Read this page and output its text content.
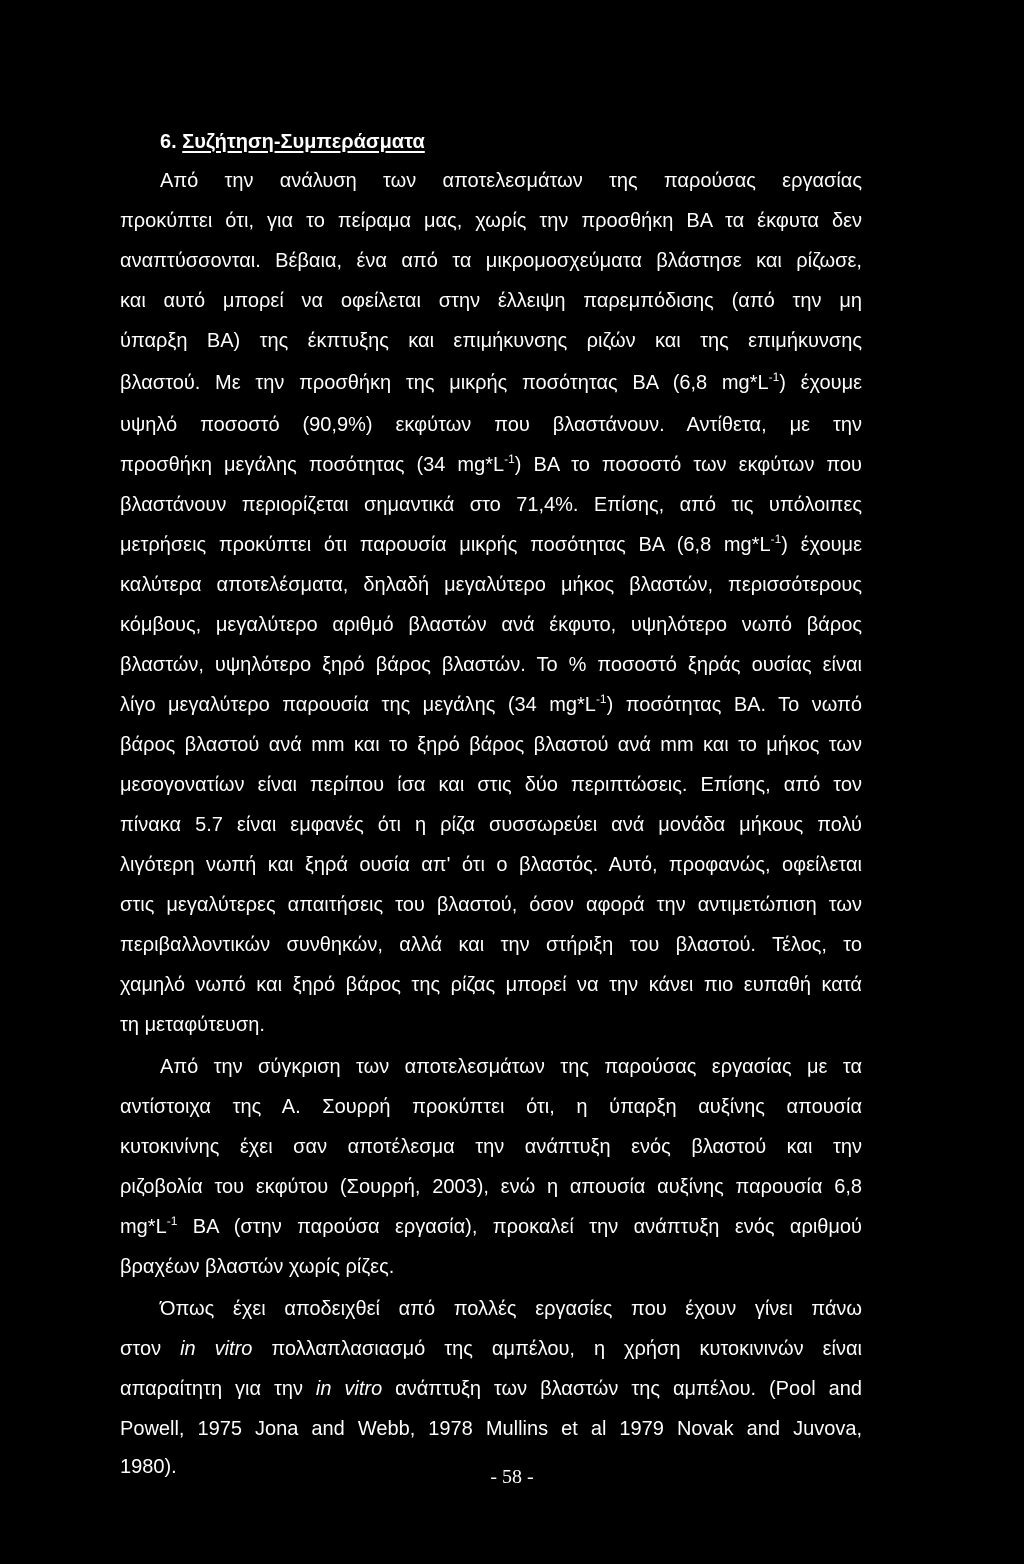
6. Συζήτηση-Συμπεράσματα
Από την ανάλυση των αποτελεσμάτων της παρούσας εργασίας
προκύπτει ότι, για το πείραμα μας, χωρίς την προσθήκη ΒΑ τα έκφυτα δεν
αναπτύσσονται. Βέβαια, ένα από τα μικρομοσχεύματα βλάστησε και ρίζωσε,
και αυτό μπορεί να οφείλεται στην έλλειψη παρεμπόδισης (από την μη
ύπαρξη ΒΑ) της έκπτυξης και επιμήκυνσης ριζών και της επιμήκυνσης
βλαστού. Με την προσθήκη της μικρής ποσότητας ΒΑ (6,8 $mg*L^{-1}$) έχουμε
υψηλό ποσοστό (90,9%) εκφύτων που βλαστάνουν. Αντίθετα, με την
προσθήκη μεγάλης ποσότητας (34 $mg*L^{-1}$) ΒΑ το ποσοστό των εκφύτων που
βλαστάνουν περιορίζεται σημαντικά στο 71,4%. Επίσης, από τις υπόλοιπες
μετρήσεις προκύπτει ότι παρουσία μικρής ποσότητας ΒΑ (6,8 $mg*L^{-1}$) έχουμε
καλύτερα αποτελέσματα, δηλαδή μεγαλύτερο μήκος βλαστών, περισσότερους
κόμβους, μεγαλύτερο αριθμό βλαστών ανά έκφυτο, υψηλότερο νωπό βάρος
βλαστών, υψηλότερο ξηρό βάρος βλαστών. Το % ποσοστό ξηράς ουσίας είναι
λίγο μεγαλύτερο παρουσία της μεγάλης (34 $mg*L^{-1}$) ποσότητας ΒΑ. Το νωπό
βάρος βλαστού ανά mm και το ξηρό βάρος βλαστού ανά mm και το μήκος των
μεσογονατίων είναι περίπου ίσα και στις δύο περιπτώσεις. Επίσης, από τον
πίνακα 5.7 είναι εμφανές ότι η ρίζα συσσωρεύει ανά μονάδα μήκους πολύ
λιγότερη νωπή και ξηρά ουσία απ' ότι ο βλαστός. Αυτό, προφανώς, οφείλεται
στις μεγαλύτερες απαιτήσεις του βλαστού, όσον αφορά την αντιμετώπιση των
περιβαλλοντικών συνθηκών, αλλά και την στήριξη του βλαστού. Τέλος, το
χαμηλό νωπό και ξηρό βάρος της ρίζας μπορεί να την κάνει πιο ευπαθή κατά
τη μεταφύτευση.
Από την σύγκριση των αποτελεσμάτων της παρούσας εργασίας με τα
αντίστοιχα της Α. Σουρρή προκύπτει ότι, η ύπαρξη αυξίνης απουσία
κυτοκινίνης έχει σαν αποτέλεσμα την ανάπτυξη ενός βλαστού και την
ριζοβολία του εκφύτου (Σουρρή, 2003), ενώ η απουσία αυξίνης παρουσία 6,8
$mg*L^{-1}$ ΒΑ (στην παρούσα εργασία), προκαλεί την ανάπτυξη ενός αριθμού
βραχέων βλαστών χωρίς ρίζες.
Όπως έχει αποδειχθεί από πολλές εργασίες που έχουν γίνει πάνω
στον in vitro πολλαπλασιασμό της αμπέλου, η χρήση κυτοκινινών είναι
απαραίτητη για την in vitro ανάπτυξη των βλαστών της αμπέλου. (Pool and
Powell, 1975 Jona and Webb, 1978 Mullins et al 1979 Novak and Juvova,
1980).	- 58 -
